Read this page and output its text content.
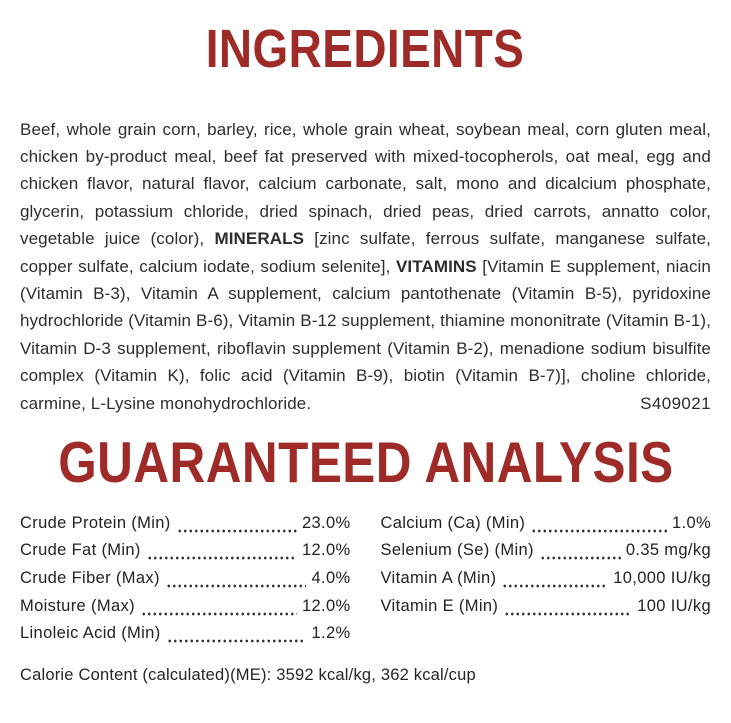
INGREDIENTS

Beef, whole grain corn, barley, rice, whole grain wheat, soybean meal, corn gluten meal, chicken by-product meal, beef fat preserved with mixed-tocopherols, oat meal, egg and chicken flavor, natural flavor, calcium carbonate, salt, mono and dicalcium phosphate, glycerin, potassium chloride, dried spinach, dried peas, dried carrots, annatto color, vegetable juice (color), MINERALS [zinc sulfate, ferrous sulfate, manganese sulfate, copper sulfate, calcium iodate, sodium selenite], VITAMINS [Vitamin E supplement, niacin (Vitamin B-3), Vitamin A supplement, calcium pantothenate (Vitamin B-5), pyridoxine hydrochloride (Vitamin B-6), Vitamin B-12 supplement, thiamine mononitrate (Vitamin B-1), Vitamin D-3 supplement, riboflavin supplement (Vitamin B-2), menadione sodium bisulfite complex (Vitamin K), folic acid (Vitamin B-9), biotin (Vitamin B-7)], choline chloride, carmine, L-Lysine monohydrochloride.	S409021
GUARANTEED ANALYSIS
Crude Protein (Min)	23.0%
Crude Fat (Min)	12.0%
Crude Fiber (Max)	4.0%
Moisture (Max)	12.0%
Linoleic Acid (Min)	1.2%
Calcium (Ca) (Min)	1.0%
Selenium (Se) (Min)	0.35 mg/kg
Vitamin A (Min)	10,000 IU/kg
Vitamin E (Min)	100 IU/kg
Calorie Content (calculated)(ME): 3592 kcal/kg, 362 kcal/cup
